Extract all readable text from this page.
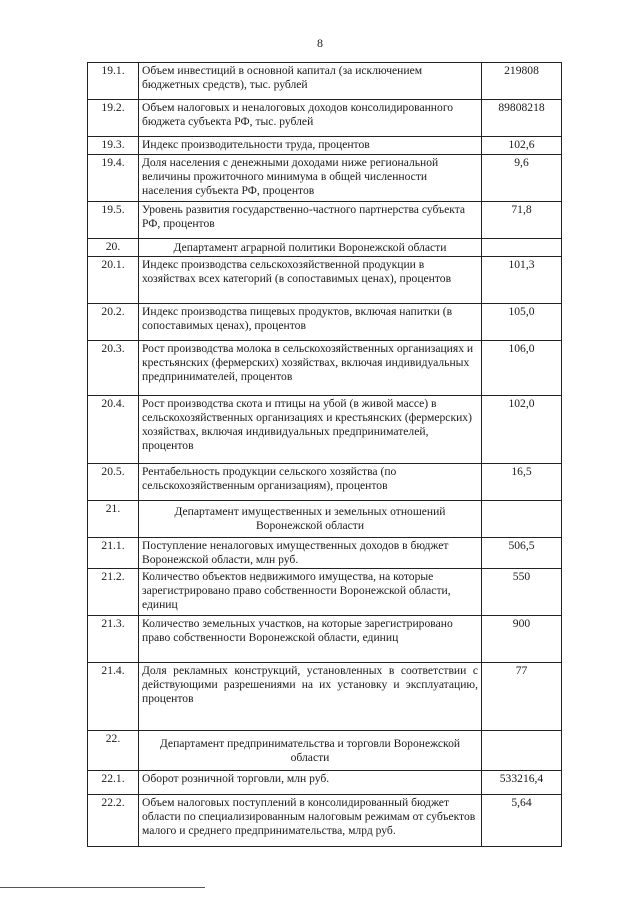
8
19.1.	Объем инвестиций в основной капитал (за исключением бюджетных средств), тыс. рублей	219808
19.2.	Объем налоговых и неналоговых доходов консолидированного бюджета субъекта РФ, тыс. рублей	89808218
19.3.	Индекс производительности труда, процентов	102,6
19.4.	Доля населения с денежными доходами ниже региональной величины прожиточного минимума в общей численности населения субъекта РФ, процентов	9,6
19.5.	Уровень развития государственно-частного партнерства субъекта РФ, процентов	71,8
20.	Департамент аграрной политики Воронежской области	
20.1.	Индекс производства сельскохозяйственной продукции в хозяйствах всех категорий (в сопоставимых ценах), процентов	101,3
20.2.	Индекс производства пищевых продуктов, включая напитки (в сопоставимых ценах), процентов	105,0
20.3.	Рост производства молока в сельскохозяйственных организациях и крестьянских (фермерских) хозяйствах, включая индивидуальных предпринимателей, процентов	106,0
20.4.	Рост производства скота и птицы на убой (в живой массе) в сельскохозяйственных организациях и крестьянских (фермерских) хозяйствах, включая индивидуальных предпринимателей, процентов	102,0
20.5.	Рентабельность продукции сельского хозяйства (по сельскохозяйственным организациям), процентов	16,5
21.	Департамент имущественных и земельных отношений Воронежской области	
21.1.	Поступление неналоговых имущественных доходов в бюджет Воронежской области, млн руб.	506,5
21.2.	Количество объектов недвижимого имущества, на которые зарегистрировано право собственности Воронежской области, единиц	550
21.3.	Количество земельных участков, на которые зарегистрировано право собственности Воронежской области, единиц	900
21.4.	Доля рекламных конструкций, установленных в соответствии с действующими разрешениями на их установку и эксплуатацию, процентов	77
22.	Департамент предпринимательства и торговли Воронежской области	
22.1.	Оборот розничной торговли, млн руб.	533216,4
22.2.	Объем налоговых поступлений в консолидированный бюджет области по специализированным налоговым режимам от субъектов малого и среднего предпринимательства, млрд руб.	5,64
